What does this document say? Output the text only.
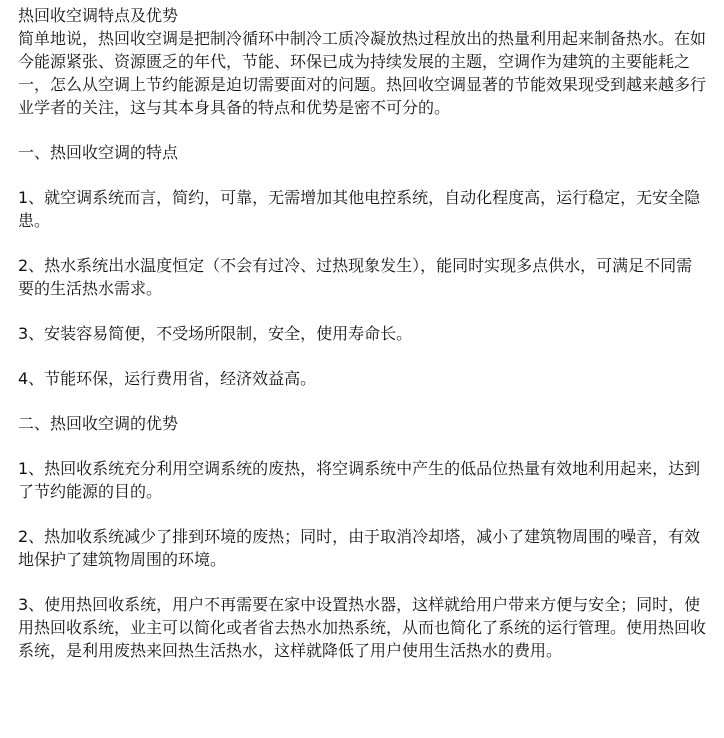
热回收空调特点及优势

简单地说，热回收空调是把制冷循环中制冷工质冷凝放热过程放出的热量利用起来制备热水。在如今能源紧张、资源匮乏的年代，节能、环保已成为持续发展的主题，空调作为建筑的主要能耗之一，怎么从空调上节约能源是迫切需要面对的问题。热回收空调显著的节能效果现受到越来越多行业学者的关注，这与其本身具备的特点和优势是密不可分的。

一、热回收空调的特点

1、就空调系统而言，简约，可靠，无需增加其他电控系统，自动化程度高，运行稳定，无安全隐患。

2、热水系统出水温度恒定（不会有过冷、过热现象发生），能同时实现多点供水，可满足不同需要的生活热水需求。

3、安装容易简便，不受场所限制，安全，使用寿命长。

4、节能环保，运行费用省，经济效益高。

二、热回收空调的优势

1、热回收系统充分利用空调系统的废热，将空调系统中产生的低品位热量有效地利用起来，达到了节约能源的目的。

2、热加收系统减少了排到环境的废热；同时，由于取消冷却塔，减小了建筑物周围的噪音，有效地保护了建筑物周围的环境。

3、使用热回收系统，用户不再需要在家中设置热水器，这样就给用户带来方便与安全；同时，使用热回收系统，业主可以简化或者省去热水加热系统，从而也简化了系统的运行管理。使用热回收系统，是利用废热来回热生活热水，这样就降低了用户使用生活热水的费用。
